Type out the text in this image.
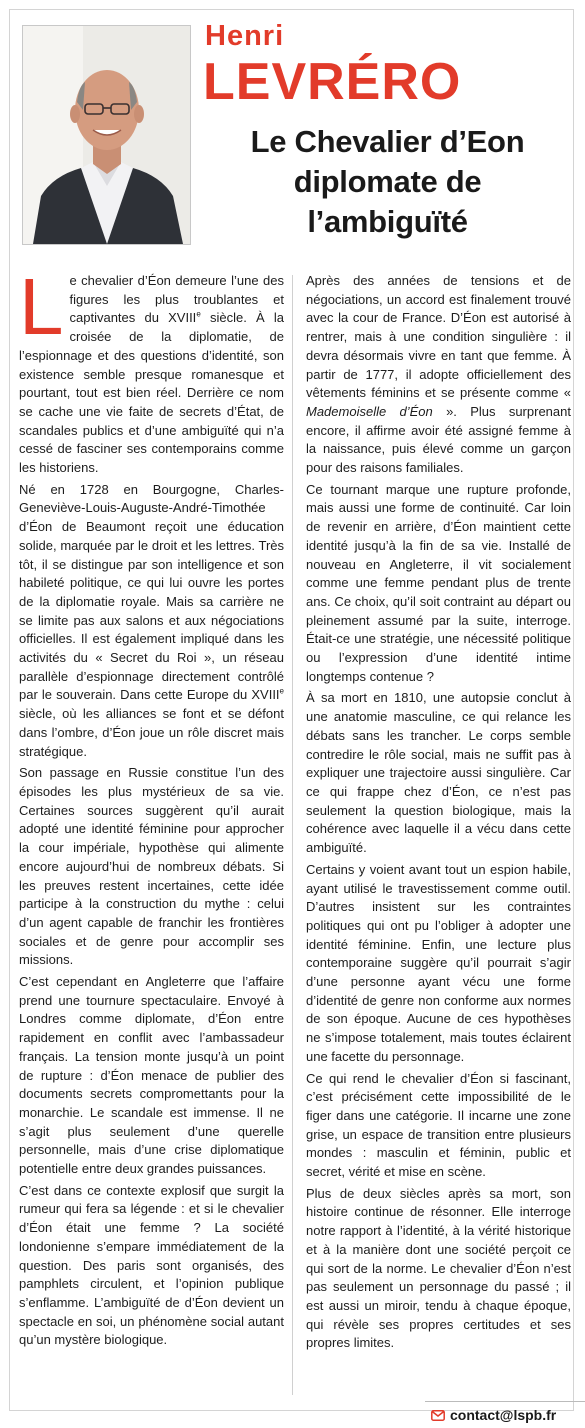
Henri
LEVRÉRO
Le Chevalier d’Eon diplomate de l’ambiguïté

Le chevalier d’Éon demeure l’une des figures les plus troublantes et captivantes du XVIIIe siècle. À la croisée de la diplomatie, de l’espionnage et des questions d’identité, son existence semble presque romanesque et pourtant, tout est bien réel. Derrière ce nom se cache une vie faite de secrets d’État, de scandales publics et d’une ambiguïté qui n’a cessé de fasciner ses contemporains comme les historiens.

Né en 1728 en Bourgogne, Charles-Geneviève-Louis-Auguste-André-Timothée d’Éon de Beaumont reçoit une éducation solide, marquée par le droit et les lettres. Très tôt, il se distingue par son intelligence et son habileté politique, ce qui lui ouvre les portes de la diplomatie royale. Mais sa carrière ne se limite pas aux salons et aux négociations officielles. Il est également impliqué dans les activités du « Secret du Roi », un réseau parallèle d’espionnage directement contrôlé par le souverain. Dans cette Europe du XVIIIe siècle, où les alliances se font et se défont dans l’ombre, d’Éon joue un rôle discret mais stratégique.

Son passage en Russie constitue l’un des épisodes les plus mystérieux de sa vie. Certaines sources suggèrent qu’il aurait adopté une identité féminine pour approcher la cour impériale, hypothèse qui alimente encore aujourd’hui de nombreux débats. Si les preuves restent incertaines, cette idée participe à la construction du mythe : celui d’un agent capable de franchir les frontières sociales et de genre pour accomplir ses missions.

C’est cependant en Angleterre que l’affaire prend une tournure spectaculaire. Envoyé à Londres comme diplomate, d’Éon entre rapidement en conflit avec l’ambassadeur français. La tension monte jusqu’à un point de rupture : d’Éon menace de publier des documents secrets compromettants pour la monarchie. Le scandale est immense. Il ne s’agit plus seulement d’une querelle personnelle, mais d’une crise diplomatique potentielle entre deux grandes puissances.

C’est dans ce contexte explosif que surgit la rumeur qui fera sa légende : et si le chevalier d’Éon était une femme ? La société londonienne s’empare immédiatement de la question. Des paris sont organisés, des pamphlets circulent, et l’opinion publique s’enflamme. L’ambiguïté de d’Éon devient un spectacle en soi, un phénomène social autant qu’un mystère biologique.

Après des années de tensions et de négociations, un accord est finalement trouvé avec la cour de France. D’Éon est autorisé à rentrer, mais à une condition singulière : il devra désormais vivre en tant que femme. À partir de 1777, il adopte officiellement des vêtements féminins et se présente comme « Mademoiselle d’Éon ». Plus surprenant encore, il affirme avoir été assigné femme à la naissance, puis élevé comme un garçon pour des raisons familiales.

Ce tournant marque une rupture profonde, mais aussi une forme de continuité. Car loin de revenir en arrière, d’Éon maintient cette identité jusqu’à la fin de sa vie. Installé de nouveau en Angleterre, il vit socialement comme une femme pendant plus de trente ans. Ce choix, qu’il soit contraint au départ ou pleinement assumé par la suite, interroge. Était-ce une stratégie, une nécessité politique ou l’expression d’une identité intime longtemps contenue ?

À sa mort en 1810, une autopsie conclut à une anatomie masculine, ce qui relance les débats sans les trancher. Le corps semble contredire le rôle social, mais ne suffit pas à expliquer une trajectoire aussi singulière. Car ce qui frappe chez d’Éon, ce n’est pas seulement la question biologique, mais la cohérence avec laquelle il a vécu dans cette ambiguïté.

Certains y voient avant tout un espion habile, ayant utilisé le travestissement comme outil. D’autres insistent sur les contraintes politiques qui ont pu l’obliger à adopter une identité féminine. Enfin, une lecture plus contemporaine suggère qu’il pourrait s’agir d’une personne ayant vécu une forme d’identité de genre non conforme aux normes de son époque. Aucune de ces hypothèses ne s’impose totalement, mais toutes éclairent une facette du personnage.

Ce qui rend le chevalier d’Éon si fascinant, c’est précisément cette impossibilité de le figer dans une catégorie. Il incarne une zone grise, un espace de transition entre plusieurs mondes : masculin et féminin, public et secret, vérité et mise en scène.

Plus de deux siècles après sa mort, son histoire continue de résonner. Elle interroge notre rapport à l’identité, à la vérité historique et à la manière dont une société perçoit ce qui sort de la norme. Le chevalier d’Éon n’est pas seulement un personnage du passé ; il est aussi un miroir, tendu à chaque époque, qui révèle ses propres certitudes et ses propres limites.

contact@lspb.fr
